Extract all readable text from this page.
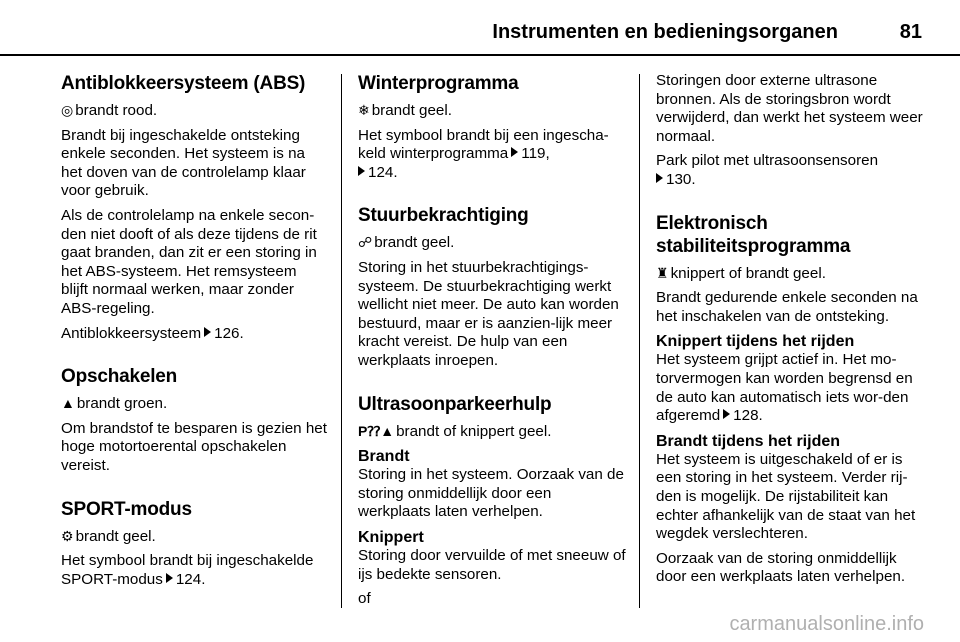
Instrumenten en bedieningsorganen	81
Antiblokkeersysteem (ABS)

◎ brandt rood.

Brandt bij ingeschakelde ontsteking enkele seconden. Het systeem is na het doven van de controlelamp klaar voor gebruik.

Als de controlelamp na enkele secon-den niet dooft of als deze tijdens de rit gaat branden, dan zit er een storing in het ABS-systeem. Het remsysteem blijft normaal werken, maar zonder ABS-regeling.

Antiblokkeersysteem 126.

Opschakelen

▲ brandt groen.

Om brandstof te besparen is gezien het hoge motortoerental opschakelen vereist.

SPORT-modus

⚙ brandt geel.

Het symbool brandt bij ingeschakelde SPORT-modus 124.

Winterprogramma

❄ brandt geel.

Het symbool brandt bij een ingescha-keld winterprogramma 119,
124.

Stuurbekrachtiging

☍ brandt geel.

Storing in het stuurbekrachtigings-systeem. De stuurbekrachtiging werkt wellicht niet meer. De auto kan worden bestuurd, maar er is aanzien-lijk meer kracht vereist. De hulp van een werkplaats inroepen.

Ultrasoonparkeerhulp

P⁇▲ brandt of knippert geel.

Brandt

Storing in het systeem. Oorzaak van de storing onmiddellijk door een werkplaats laten verhelpen.

Knippert

Storing door vervuilde of met sneeuw of ijs bedekte sensoren.

of

Storingen door externe ultrasone bronnen. Als de storingsbron wordt verwijderd, dan werkt het systeem weer normaal.

Park pilot met ultrasoonsensoren
130.

Elektronisch stabiliteitsprogramma

♜ knippert of brandt geel.

Brandt gedurende enkele seconden na het inschakelen van de ontsteking.

Knippert tijdens het rijden

Het systeem grijpt actief in. Het mo-torvermogen kan worden begrensd en de auto kan automatisch iets wor-den afgeremd 128.

Brandt tijdens het rijden

Het systeem is uitgeschakeld of er is een storing in het systeem. Verder rij-den is mogelijk. De rijstabiliteit kan echter afhankelijk van de staat van het wegdek verslechteren.

Oorzaak van de storing onmiddellijk door een werkplaats laten verhelpen.

carmanualsonline.info
